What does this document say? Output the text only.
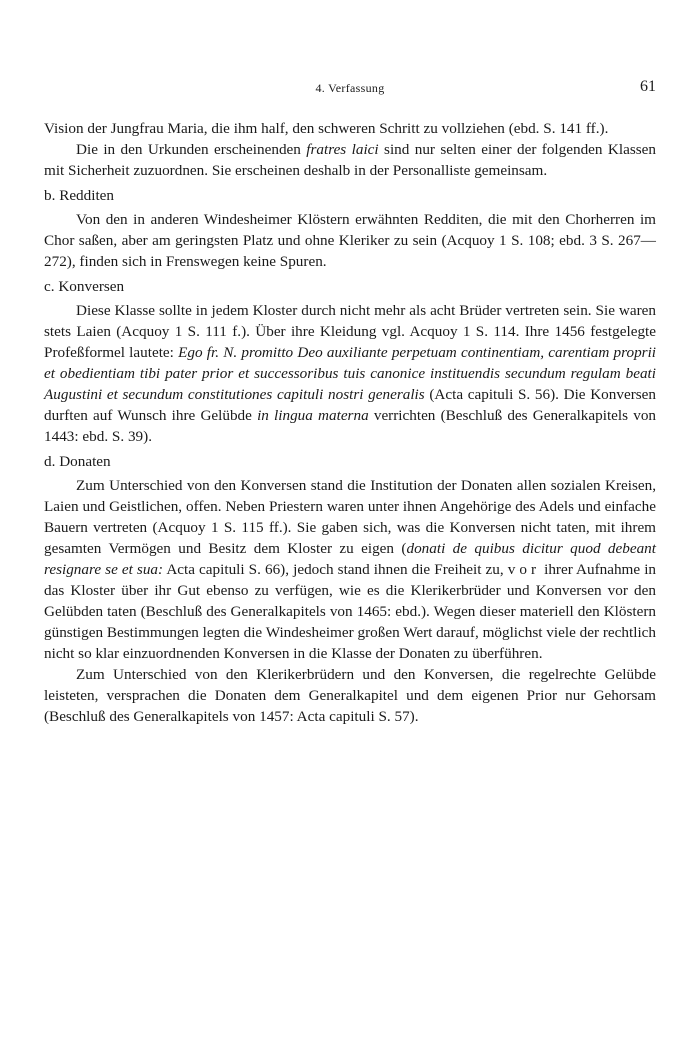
4. Verfassung	61

Vision der Jungfrau Maria, die ihm half, den schweren Schritt zu vollziehen (ebd. S. 141 ff.).

Die in den Urkunden erscheinenden fratres laici sind nur selten einer der folgenden Klassen mit Sicherheit zuzuordnen. Sie erscheinen deshalb in der Personalliste gemeinsam.

b. Redditen

Von den in anderen Windesheimer Klöstern erwähnten Redditen, die mit den Chorherren im Chor saßen, aber am geringsten Platz und ohne Kleriker zu sein (Acquoy 1 S. 108; ebd. 3 S. 267—272), finden sich in Frenswegen keine Spuren.

c. Konversen

Diese Klasse sollte in jedem Kloster durch nicht mehr als acht Brüder vertreten sein. Sie waren stets Laien (Acquoy 1 S. 111 f.). Über ihre Kleidung vgl. Acquoy 1 S. 114. Ihre 1456 festgelegte Profeßformel lautete: Ego fr. N. promitto Deo auxiliante perpetuam continentiam, carentiam proprii et obedientiam tibi pater prior et successoribus tuis canonice instituendis secundum regulam beati Augustini et secundum constitutiones capituli nostri generalis (Acta capituli S. 56). Die Konversen durften auf Wunsch ihre Gelübde in lingua materna verrichten (Beschluß des Generalkapitels von 1443: ebd. S. 39).

d. Donaten

Zum Unterschied von den Konversen stand die Institution der Donaten allen sozialen Kreisen, Laien und Geistlichen, offen. Neben Priestern waren unter ihnen Angehörige des Adels und einfache Bauern vertreten (Acquoy 1 S. 115 ff.). Sie gaben sich, was die Konversen nicht taten, mit ihrem gesamten Vermögen und Besitz dem Kloster zu eigen (donati de quibus dicitur quod debeant resignare se et sua: Acta capituli S. 66), jedoch stand ihnen die Freiheit zu, vor ihrer Aufnahme in das Kloster über ihr Gut ebenso zu verfügen, wie es die Klerikerbrüder und Konversen vor den Gelübden taten (Beschluß des Generalkapitels von 1465: ebd.). Wegen dieser materiell den Klöstern günstigen Bestimmungen legten die Windesheimer großen Wert darauf, möglichst viele der rechtlich nicht so klar einzuordnenden Konversen in die Klasse der Donaten zu überführen.

Zum Unterschied von den Klerikerbrüdern und den Konversen, die regelrechte Gelübde leisteten, versprachen die Donaten dem Generalkapitel und dem eigenen Prior nur Gehorsam (Beschluß des Generalkapitels von 1457: Acta capituli S. 57).
